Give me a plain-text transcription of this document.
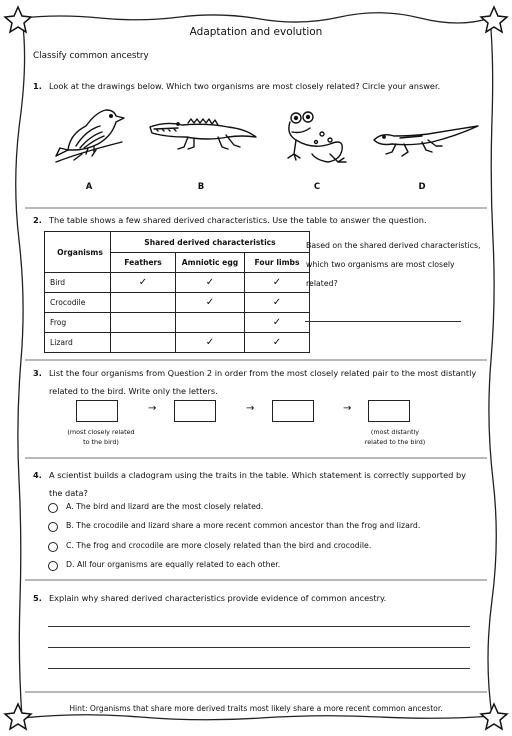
Adaptation and evolution
Classify common ancestry
1. Look at the drawings below. Which two organisms are most closely related? Circle your answer.
A	B	C	D
2. The table shows a few shared derived characteristics. Use the table to answer the question.
Organisms	Shared derived characteristics		
	Feathers	Amniotic egg	Four limbs
Bird	✓	✓	✓
Crocodile		✓	✓
Frog			✓
Lizard		✓	✓
Based on the shared derived characteristics,
which two organisms are most closely
related?
3. List the four organisms from Question 2 in order from the most closely related pair to the most distantly
related to the bird. Write only the letters.
→	→	→
(most closely related
to the bird)
(most distantly
related to the bird)
4. A scientist builds a cladogram using the traits in the table. Which statement is correctly supported by
the data?
A. The bird and lizard are the most closely related.
B. The crocodile and lizard share a more recent common ancestor than the frog and lizard.
C. The frog and crocodile are more closely related than the bird and crocodile.
D. All four organisms are equally related to each other.
5. Explain why shared derived characteristics provide evidence of common ancestry.
Hint: Organisms that share more derived traits most likely share a more recent common ancestor.
